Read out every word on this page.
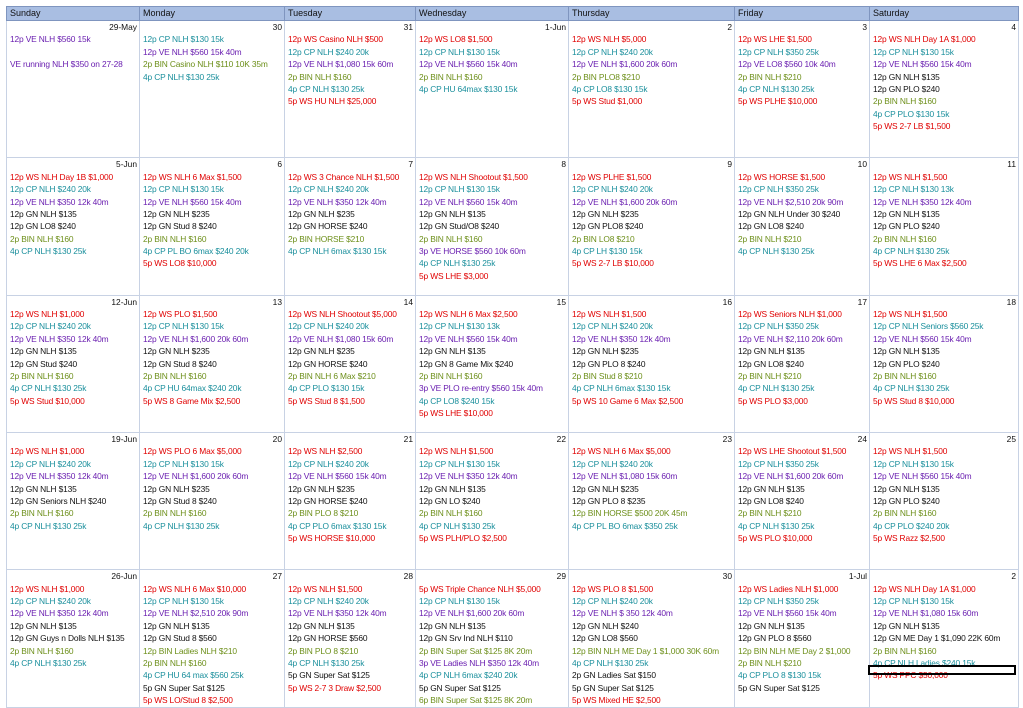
Sunday	Monday	Tuesday	Wednesday	Thursday	Friday	Saturday
29-May	30	31	1-Jun	2	3	4

12p VE NLH $560 15k	12p CP NLH $130 15k	12p WS Casino NLH $500	12p WS LO8 $1,500	12p WS NLH $5,000	12p WS LHE $1,500	12p WS NLH Day 1A $1,000

	12p VE NLH $560 15k 40m	12p CP NLH $240 20k	12p CP NLH $130 15k	12p CP NLH $240 20k	12p CP NLH $350 25k	12p CP NLH $130 15k

VE running NLH $350 on 27-28	2p BIN Casino NLH $110 10K 35m	12p VE NLH $1,080 15k 60m	12p VE NLH $560 15k 40m	12p VE NLH $1,600 20k 60m	12p VE LO8 $560 10k 40m	12p VE NLH $560 15k 40m

	4p CP NLH $130 25k	2p BIN NLH $160	2p BIN NLH $160	2p BIN PLO8 $210	2p BIN NLH $210	12p GN NLH $135

		4p CP NLH $130 25k	4p CP HU 64max $130 15k	4p CP LO8 $130 15k	4p CP NLH $130 25k	12p GN PLO $240

		5p WS HU NLH $25,000		5p WS Stud $1,000	5p WS PLHE $10,000	2p BIN NLH $160

						4p CP PLO $130 15k

						5p WS 2-7 LB $1,500

5-Jun	6	7	8	9	10	11

12p WS NLH Day 1B $1,000	12p WS NLH 6 Max $1,500	12p WS 3 Chance NLH $1,500	12p WS NLH Shootout $1,500	12p WS PLHE $1,500	12p WS HORSE $1,500	12p WS NLH $1,500

12p CP NLH $240 20k	12p CP NLH $130 15k	12p CP NLH $240 20k	12p CP NLH $130 15k	12p CP NLH $240 20k	12p CP NLH $350 25k	12p CP NLH $130 13k

12p VE NLH $350 12k 40m	12p VE NLH $560 15k 40m	12p VE NLH $350 12k 40m	12p VE NLH $560 15k 40m	12p VE NLH $1,600 20k 60m	12p VE NLH $2,510 20k 90m	12p VE NLH $350 12k 40m

12p GN NLH $135	12p GN NLH $235	12p GN NLH $235	12p GN NLH $135	12p GN NLH $235	12p GN NLH Under 30 $240	12p GN NLH $135

12p GN LO8 $240	12p GN Stud 8 $240	12p GN HORSE $240	12p GN Stud/O8 $240	12p GN PLO8 $240	12p GN LO8 $240	12p GN PLO $240

2p BIN NLH $160	2p BIN NLH $160	2p BIN HORSE $210	2p BIN NLH $160	2p BIN LO8 $210	2p BIN NLH $210	2p BIN NLH $160

4p CP NLH $130 25k	4p CP PL BO 6max $240 20k	4p CP NLH 6max $130 15k	3p VE HORSE $560 10k 60m	4p CP LH $130 15k	4p CP NLH $130 25k	4p CP NLH $130 25k

	5p WS LO8 $10,000		4p CP NLH $130 25k	5p WS 2-7 LB $10,000		5p WS LHE 6 Max $2,500

			5p WS LHE $3,000			

12-Jun	13	14	15	16	17	18

12p WS NLH $1,000	12p WS PLO $1,500	12p WS NLH Shootout $5,000	12p WS NLH 6 Max $2,500	12p WS NLH $1,500	12p WS Seniors NLH $1,000	12p WS NLH $1,500

12p CP NLH $240 20k	12p CP NLH $130 15k	12p CP NLH $240 20k	12p CP NLH $130 13k	12p CP NLH $240 20k	12p CP NLH $350 25k	12p CP NLH Seniors $560 25k

12p VE NLH $350 12k 40m	12p VE NLH $1,600 20k 60m	12p VE NLH $1,080 15k 60m	12p VE NLH $560 15k 40m	12p VE NLH $350 12k 40m	12p VE NLH $2,110 20k 60m	12p VE NLH $560 15k 40m

12p GN NLH $135	12p GN NLH $235	12p GN NLH $235	12p GN NLH $135	12p GN NLH $235	12p GN NLH $135	12p GN NLH $135

12p GN Stud $240	12p GN Stud 8 $240	12p GN HORSE $240	12p GN 8 Game Mix $240	12p GN PLO 8 $240	12p GN LO8 $240	12p GN PLO $240

2p BIN NLH $160	2p BIN NLH $160	2p BIN NLH 6 Max $210	2p BIN NLH $160	2p BIN Stud 8 $210	2p BIN NLH $210	2p BIN NLH $160

4p CP NLH $130 25k	4p CP HU 64max $240 20k	4p CP PLO $130 15k	3p VE PLO re-entry $560 15k 40m	4p CP NLH 6max $130 15k	4p CP NLH $130 25k	4p CP NLH $130 25k

5p WS Stud $10,000	5p WS 8 Game Mix $2,500	5p WS Stud 8 $1,500	4p CP LO8 $240 15k	5p WS 10 Game 6 Max $2,500	5p WS PLO $3,000	5p WS Stud 8 $10,000

			5p WS LHE $10,000			

19-Jun	20	21	22	23	24	25

12p WS NLH $1,000	12p WS PLO 6 Max $5,000	12p WS NLH $2,500	12p WS NLH $1,500	12p WS NLH 6 Max $5,000	12p WS LHE Shootout $1,500	12p WS NLH $1,500

12p CP NLH $240 20k	12p CP NLH $130 15k	12p CP NLH $240 20k	12p CP NLH $130 15k	12p CP NLH $240 20k	12p CP NLH $350 25k	12p CP NLH $130 15k

12p VE NLH $350 12k 40m	12p VE NLH $1,600 20k 60m	12p VE NLH $560 15k 40m	12p VE NLH $350 12k 40m	12p VE NLH $1,080 15k 60m	12p VE NLH $1,600 20k 60m	12p VE NLH $560 15k 40m

12p GN NLH $135	12p GN NLH $235	12p GN NLH $235	12p GN NLH $135	12p GN NLH $235	12p GN NLH $135	12p GN NLH $135

12p GN Seniors NLH $240	12p GN Stud 8 $240	12p GN HORSE $240	12p GN LO $240	12p GN PLO 8 $235	12p GN LO8 $240	12p GN PLO $240

2p BIN NLH $160	2p BIN NLH $160	2p BIN PLO 8 $210	2p BIN NLH $160	12p BIN HORSE $500 20K 45m	2p BIN NLH $210	2p BIN NLH $160

4p CP NLH $130 25k	4p CP NLH $130 25k	4p CP PLO 6max $130 15k	4p CP NLH $130 25k	4p CP PL BO 6max $350 25k	4p CP NLH $130 25k	4p CP PLO $240 20k

		5p WS HORSE $10,000	5p WS PLH/PLO $2,500		5p WS PLO $10,000	5p WS Razz $2,500

26-Jun	27	28	29	30	1-Jul	2

12p WS NLH $1,000	12p WS NLH 6 Max $10,000	12p WS NLH $1,500	5p WS Triple Chance NLH $5,000	12p WS PLO 8 $1,500	12p WS Ladies NLH $1,000	12p WS NLH Day 1A $1,000

12p CP NLH $240 20k	12p CP NLH $130 15k	12p CP NLH $240 20k	12p CP NLH $130 15k	12p CP NLH $240 20k	12p CP NLH $350 25k	12p CP NLH $130 15k

12p VE NLH $350 12k 40m	12p VE NLH $2,510 20k 90m	12p VE NLH $350 12k 40m	12p VE NLH $1,600 20k 60m	12p VE NLH $ 350 12k 40m	12p VE NLH $560 15k 40m	12p VE NLH $1,080 15k 60m

12p GN NLH $135	12p GN NLH $135	12p GN NLH $135	12p GN NLH $135	12p GN NLH $240	12p GN NLH $135	12p GN NLH $135

12p GN Guys n Dolls NLH $135	12p GN Stud 8 $560	12p GN HORSE $560	12p GN Srv Ind NLH $110	12p GN LO8 $560	12p GN PLO 8 $560	12p GN ME Day 1 $1,090 22K 60m

2p BIN NLH $160	12p BIN Ladies NLH $210	2p BIN PLO 8 $210	2p BIN Super Sat $125 8K 20m	12p BIN NLH ME Day 1 $1,000 30K 60m	12p BIN NLH ME Day 2 $1,000	2p BIN NLH $160

4p CP NLH $130 25k	2p BIN NLH $160	4p CP NLH $130 25k	3p VE Ladies NLH $350 12k 40m	4p CP NLH $130 25k	2p BIN NLH $210	4p CP NLH Ladies $240 15k

	4p CP HU 64 max $560 25k	5p GN Super Sat $125	4p CP NLH 6max $240 20k	2p GN Ladies Sat $150	4p CP PLO 8 $130 15k	5p WS PPC $50,000

	5p GN Super Sat $125	5p WS 2-7 3 Draw $2,500	5p GN Super Sat $125	5p GN Super Sat $125	5p GN Super Sat $125	

	5p WS LO/Stud 8 $2,500		6p BIN Super Sat $125 8K 20m	5p WS Mixed HE $2,500		
